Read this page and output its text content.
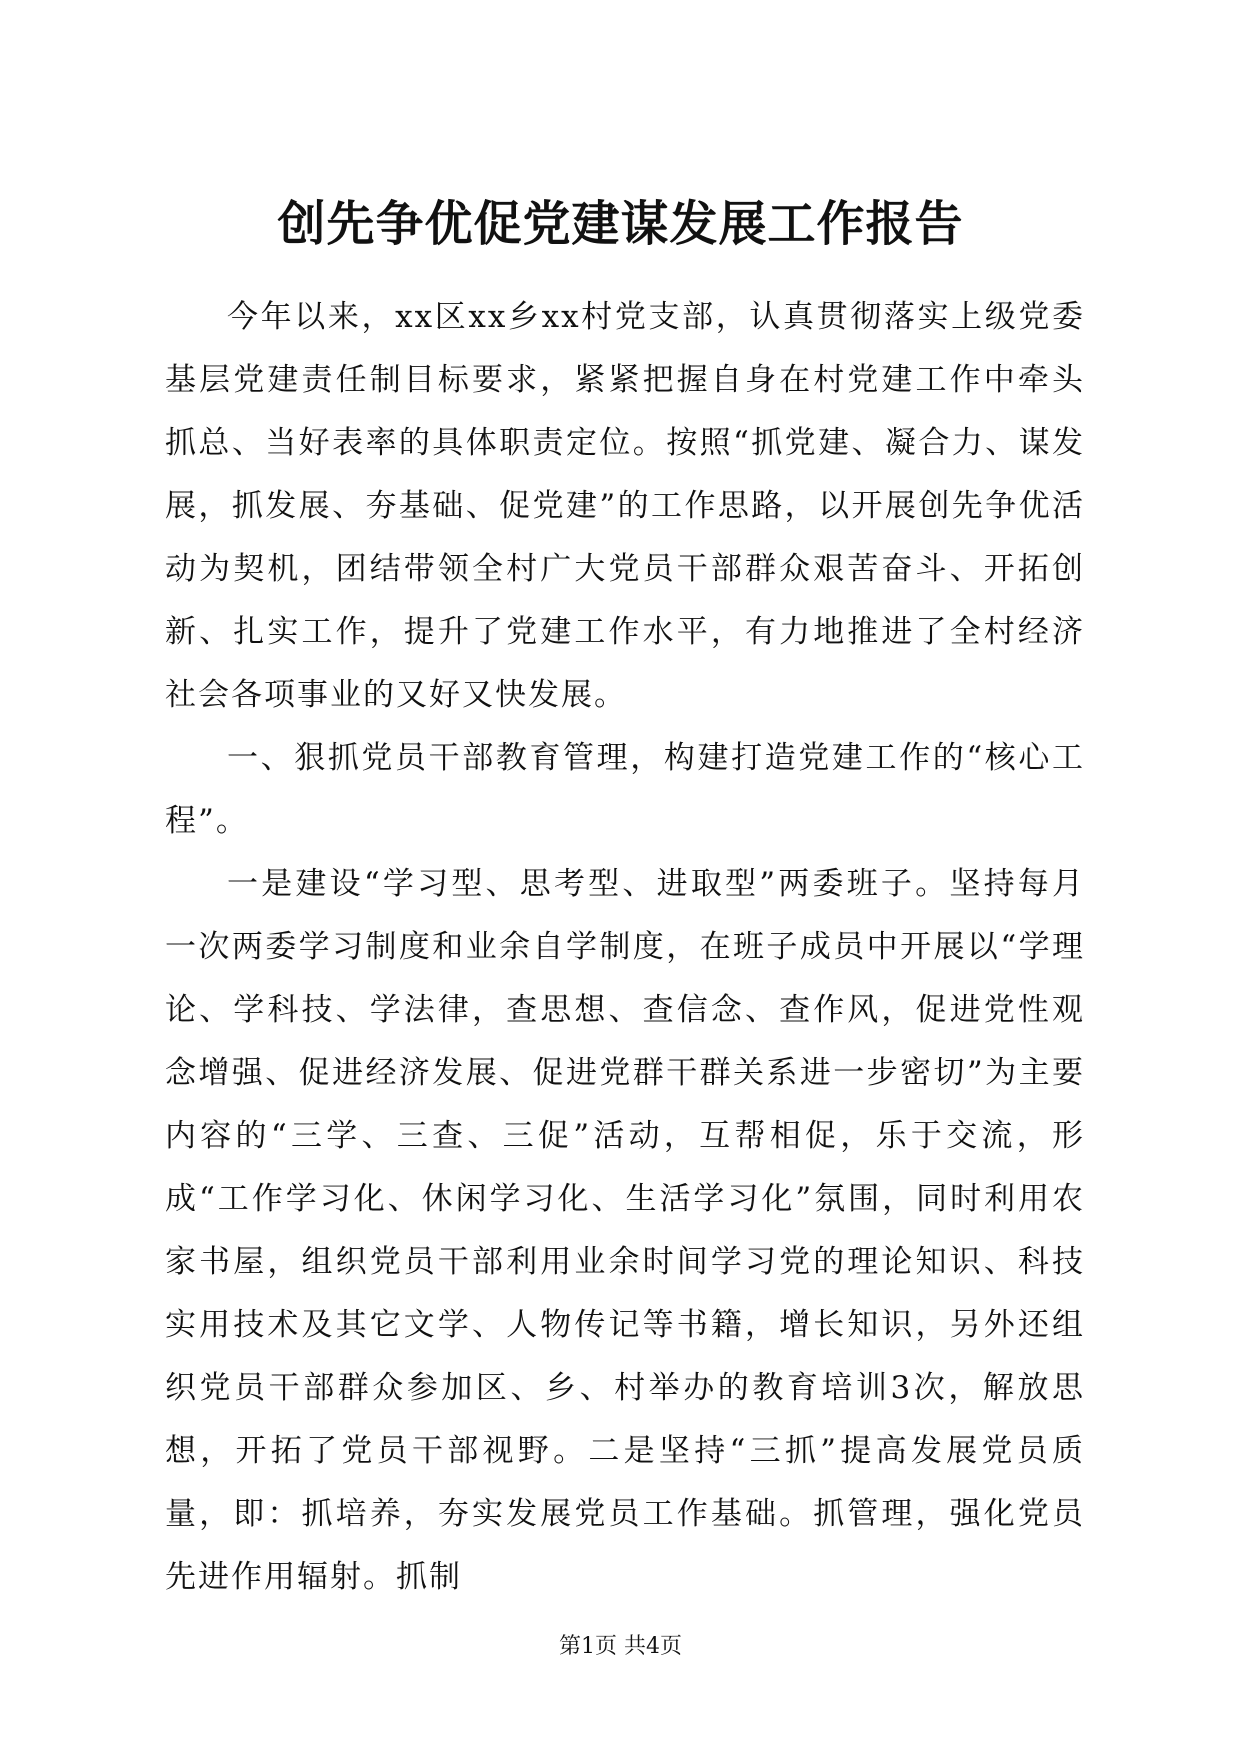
创先争优促党建谋发展工作报告

今年以来，xx区xx乡xx村党支部，认真贯彻落实上级党委基层党建责任制目标要求，紧紧把握自身在村党建工作中牵头抓总、当好表率的具体职责定位。按照“抓党建、凝合力、谋发展，抓发展、夯基础、促党建”的工作思路，以开展创先争优活动为契机，团结带领全村广大党员干部群众艰苦奋斗、开拓创新、扎实工作，提升了党建工作水平，有力地推进了全村经济社会各项事业的又好又快发展。

一、狠抓党员干部教育管理，构建打造党建工作的“核心工程”。

一是建设“学习型、思考型、进取型”两委班子。坚持每月一次两委学习制度和业余自学制度，在班子成员中开展以“学理论、学科技、学法律，查思想、查信念、查作风，促进党性观念增强、促进经济发展、促进党群干群关系进一步密切”为主要内容的“三学、三查、三促”活动，互帮相促，乐于交流，形成“工作学习化、休闲学习化、生活学习化”氛围，同时利用农家书屋，组织党员干部利用业余时间学习党的理论知识、科技实用技术及其它文学、人物传记等书籍，增长知识，另外还组织党员干部群众参加区、乡、村举办的教育培训3次，解放思想，开拓了党员干部视野。二是坚持“三抓”提高发展党员质量，即：抓培养，夯实发展党员工作基础。抓管理，强化党员先进作用辐射。抓制

第1页 共4页
